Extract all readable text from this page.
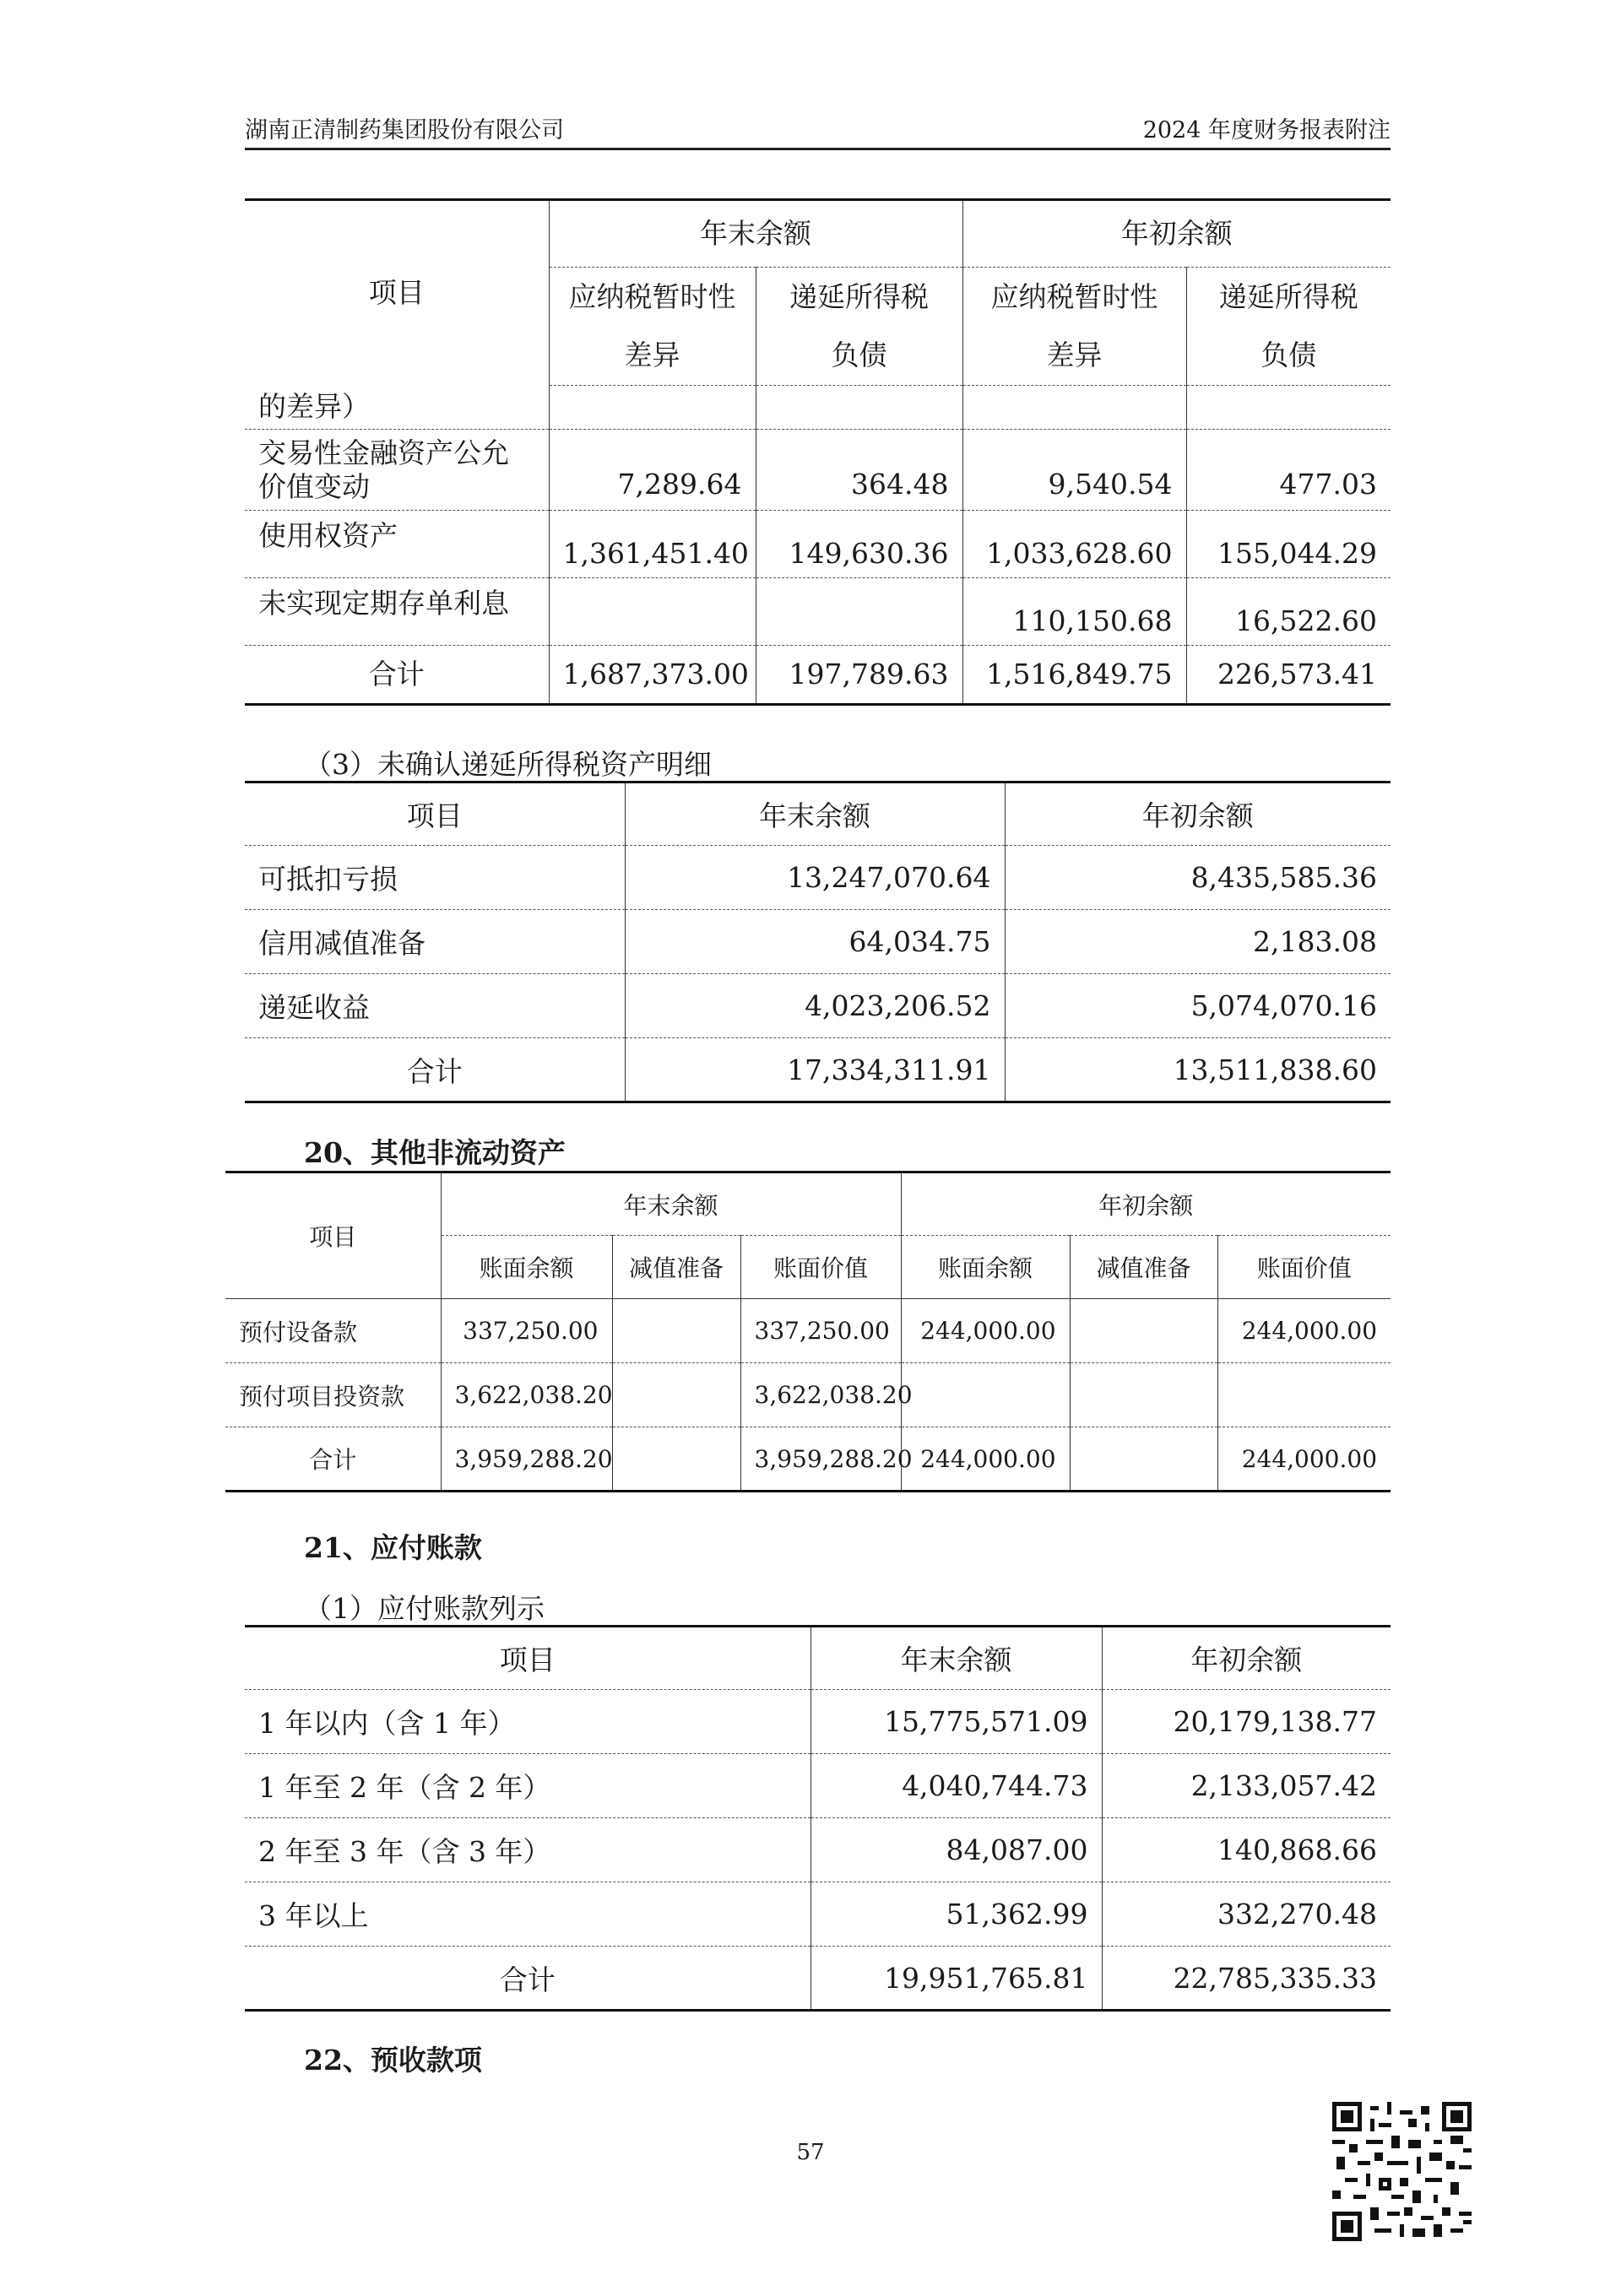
湖南正清制药集团股份有限公司	2024 年度财务报表附注
项目	年末余额		年初余额	
	应纳税暂时性	递延所得税	应纳税暂时性	递延所得税
	差异	负债	差异	负债
的差异）				
交易性金融资产公允价值变动	7,289.64	364.48	9,540.54	477.03
使用权资产	1,361,451.40	149,630.36	1,033,628.60	155,044.29
未实现定期存单利息			110,150.68	16,522.60
合计	1,687,373.00	197,789.63	1,516,849.75	226,573.41
（3）未确认递延所得税资产明细
项目	年末余额	年初余额
可抵扣亏损	13,247,070.64	8,435,585.36
信用减值准备	64,034.75	2,183.08
递延收益	4,023,206.52	5,074,070.16
合计	17,334,311.91	13,511,838.60
20、其他非流动资产
项目	年末余额			年初余额		
	账面余额	减值准备	账面价值	账面余额	减值准备	账面价值
预付设备款	337,250.00		337,250.00	244,000.00		244,000.00
预付项目投资款	3,622,038.20		3,622,038.20			
合计	3,959,288.20		3,959,288.20	244,000.00		244,000.00
21、应付账款
（1）应付账款列示
项目	年末余额	年初余额
1 年以内（含 1 年）	15,775,571.09	20,179,138.77
1 年至 2 年（含 2 年）	4,040,744.73	2,133,057.42
2 年至 3 年（含 3 年）	84,087.00	140,868.66
3 年以上	51,362.99	332,270.48
合计	19,951,765.81	22,785,335.33
22、预收款项
57
